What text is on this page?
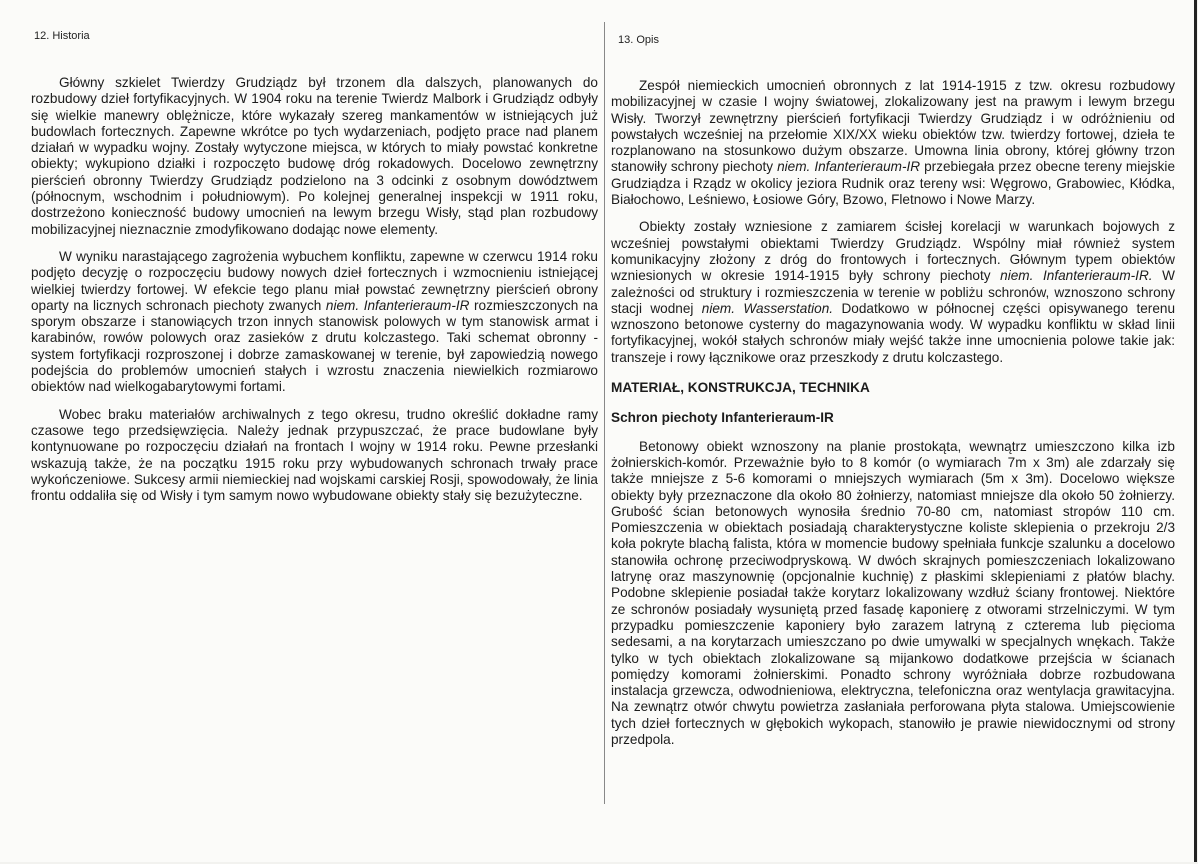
12. Historia

Główny szkielet Twierdzy Grudziądz był trzonem dla dalszych, planowanych do rozbudowy dzieł fortyfikacyjnych. W 1904 roku na terenie Twierdz Malbork i Grudziądz odbyły się wielkie manewry oblężnicze, które wykazały szereg mankamentów w istniejących już budowlach fortecznych. Zapewne wkrótce po tych wydarzeniach, podjęto prace nad planem działań w wypadku wojny. Zostały wytyczone miejsca, w których to miały powstać konkretne obiekty; wykupiono działki i rozpoczęto budowę dróg rokadowych. Docelowo zewnętrzny pierścień obronny Twierdzy Grudziądz podzielono na 3 odcinki z osobnym dowództwem (północnym, wschodnim i południowym). Po kolejnej generalnej inspekcji w 1911 roku, dostrzeżono konieczność budowy umocnień na lewym brzegu Wisły, stąd plan rozbudowy mobilizacyjnej nieznacznie zmodyfikowano dodając nowe elementy.

W wyniku narastającego zagrożenia wybuchem konfliktu, zapewne w czerwcu 1914 roku podjęto decyzję o rozpoczęciu budowy nowych dzieł fortecznych i wzmocnieniu istniejącej wielkiej twierdzy fortowej. W efekcie tego planu miał powstać zewnętrzny pierścień obrony oparty na licznych schronach piechoty zwanych niem. Infanterieraum-IR rozmieszczonych na sporym obszarze i stanowiących trzon innych stanowisk polowych w tym stanowisk armat i karabinów, rowów polowych oraz zasieków z drutu kolczastego. Taki schemat obronny - system fortyfikacji rozproszonej i dobrze zamaskowanej w terenie, był zapowiedzią nowego podejścia do problemów umocnień stałych i wzrostu znaczenia niewielkich rozmiarowo obiektów nad wielkogabarytowymi fortami.

Wobec braku materiałów archiwalnych z tego okresu, trudno określić dokładne ramy czasowe tego przedsięwzięcia. Należy jednak przypuszczać, że prace budowlane były kontynuowane po rozpoczęciu działań na frontach I wojny w 1914 roku. Pewne przesłanki wskazują także, że na początku 1915 roku przy wybudowanych schronach trwały prace wykończeniowe. Sukcesy armii niemieckiej nad wojskami carskiej Rosji, spowodowały, że linia frontu oddaliła się od Wisły i tym samym nowo wybudowane obiekty stały się bezużyteczne.

13. Opis

Zespół niemieckich umocnień obronnych z lat 1914-1915 z tzw. okresu rozbudowy mobilizacyjnej w czasie I wojny światowej, zlokalizowany jest na prawym i lewym brzegu Wisły. Tworzył zewnętrzny pierścień fortyfikacji Twierdzy Grudziądz i w odróżnieniu od powstałych wcześniej na przełomie XIX/XX wieku obiektów tzw. twierdzy fortowej, dzieła te rozplanowano na stosunkowo dużym obszarze. Umowna linia obrony, której główny trzon stanowiły schrony piechoty niem. Infanterieraum-IR przebiegała przez obecne tereny miejskie Grudziądza i Rządz w okolicy jeziora Rudnik oraz tereny wsi: Węgrowo, Grabowiec, Kłódka, Białochowo, Leśniewo, Łosiowe Góry, Bzowo, Fletnowo i Nowe Marzy.

Obiekty zostały wzniesione z zamiarem ścisłej korelacji w warunkach bojowych z wcześniej powstałymi obiektami Twierdzy Grudziądz. Wspólny miał również system komunikacyjny złożony z dróg do frontowych i fortecznych. Głównym typem obiektów wzniesionych w okresie 1914-1915 były schrony piechoty niem. Infanterieraum-IR. W zależności od struktury i rozmieszczenia w terenie w pobliżu schronów, wznoszono schrony stacji wodnej niem. Wasserstation. Dodatkowo w północnej części opisywanego terenu wznoszono betonowe cysterny do magazynowania wody. W wypadku konfliktu w skład linii fortyfikacyjnej, wokół stałych schronów miały wejść także inne umocnienia polowe takie jak: transzeje i rowy łącznikowe oraz przeszkody z drutu kolczastego.

MATERIAŁ, KONSTRUKCJA, TECHNIKA
Schron piechoty Infanterieraum-IR

Betonowy obiekt wznoszony na planie prostokąta, wewnątrz umieszczono kilka izb żołnierskich-komór. Przeważnie było to 8 komór (o wymiarach 7m x 3m) ale zdarzały się także mniejsze z 5-6 komorami o mniejszych wymiarach (5m x 3m). Docelowo większe obiekty były przeznaczone dla około 80 żołnierzy, natomiast mniejsze dla około 50 żołnierzy. Grubość ścian betonowych wynosiła średnio 70-80 cm, natomiast stropów 110 cm. Pomieszczenia w obiektach posiadają charakterystyczne koliste sklepienia o przekroju 2/3 koła pokryte blachą falista, która w momencie budowy spełniała funkcje szalunku a docelowo stanowiła ochronę przeciwodpryskową. W dwóch skrajnych pomieszczeniach lokalizowano latrynę oraz maszynownię (opcjonalnie kuchnię) z płaskimi sklepieniami z płatów blachy. Podobne sklepienie posiadał także korytarz lokalizowany wzdłuż ściany frontowej. Niektóre ze schronów posiadały wysuniętą przed fasadę kaponierę z otworami strzelniczymi. W tym przypadku pomieszczenie kaponiery było zarazem latryną z czterema lub pięcioma sedesami, a na korytarzach umieszczano po dwie umywalki w specjalnych wnękach. Także tylko w tych obiektach zlokalizowane są mijankowo dodatkowe przejścia w ścianach pomiędzy komorami żołnierskimi. Ponadto schrony wyróżniała dobrze rozbudowana instalacja grzewcza, odwodnieniowa, elektryczna, telefoniczna oraz wentylacja grawitacyjna. Na zewnątrz otwór chwytu powietrza zasłaniała perforowana płyta stalowa. Umiejscowienie tych dzieł fortecznych w głębokich wykopach, stanowiło je prawie niewidocznymi od strony przedpola.
